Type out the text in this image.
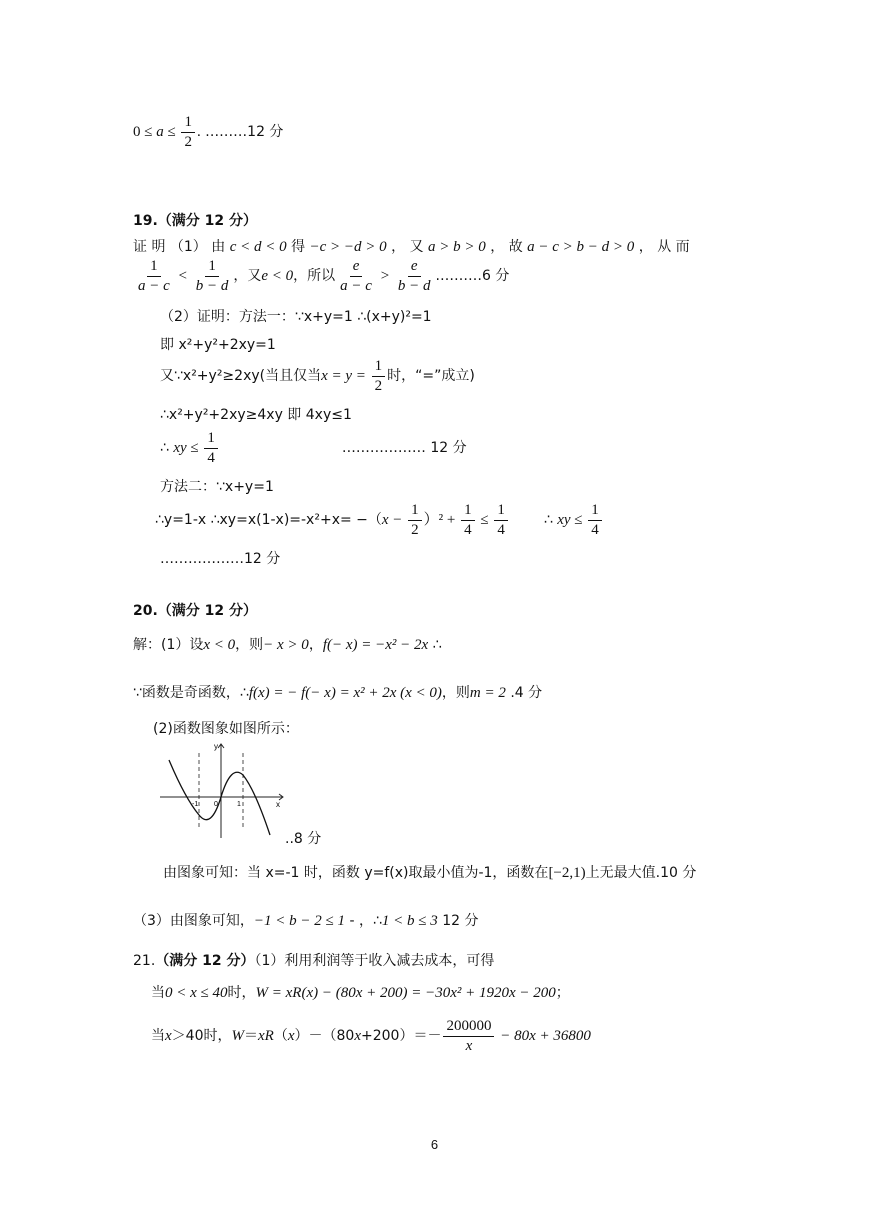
$0 \le a \le \frac{1}{2}$ . ………12 分
19.（满分 12 分）
证 明 （1） 由 c < d < 0 得 −c > −d > 0 ， 又 a > b > 0 ， 故 a − c > b − d > 0 ， 从 而
$\frac{1}{a - c} < \frac{1}{b - d}$ ，又e < 0，所以 $\frac{e}{a - c} > \frac{e}{b - d}$ .………6 分
（2）证明：方法一：∵x+y=1 ∴(x+y)²=1
即 x²+y²+2xy=1
又∵x²+y²≥2xy(当且仅当$x = y = \frac{1}{2}$ 时，“=”成立)
∴x²+y²+2xy≥4xy 即 4xy≤1
∴ xy ≤ $\frac{1}{4}$	……………… 12 分
方法二：∵x+y=1
∴y=1-x ∴xy=x(1-x)=-x²+x= $-(x - \frac{1}{2} )^2 + \frac{1}{4} \le \frac{1}{4}$	∴ xy ≤ $\frac{1}{4}$
………………12 分
20.（满分 12 分）
解：(1）设x < 0，则− x > 0，f(− x) = −x² − 2x ∴
∵函数是奇函数，∴f(x) = − f(− x) = x² + 2x (x < 0)，则m = 2 .4 分
(2)函数图象如图所示：
y
x
-1 0	1
..8 分
由图象可知：当 x=-1 时，函数 y=f(x)取最小值为-1，函数在[−2,1)上无最大值.10 分
（3）由图象可知，−1 < b − 2 ≤ 1 - ，∴1 < b ≤ 3 12 分
21.（满分 12 分）（1）利用利润等于收入减去成本，可得
当0 < x ≤ 40时，W = xR(x) − (80x + 200) = −30x² + 1920x − 200；
当x＞40时，$W=xR(x)-(80x+200)=- \frac{200000}{x} - 80x + 36800$
6
